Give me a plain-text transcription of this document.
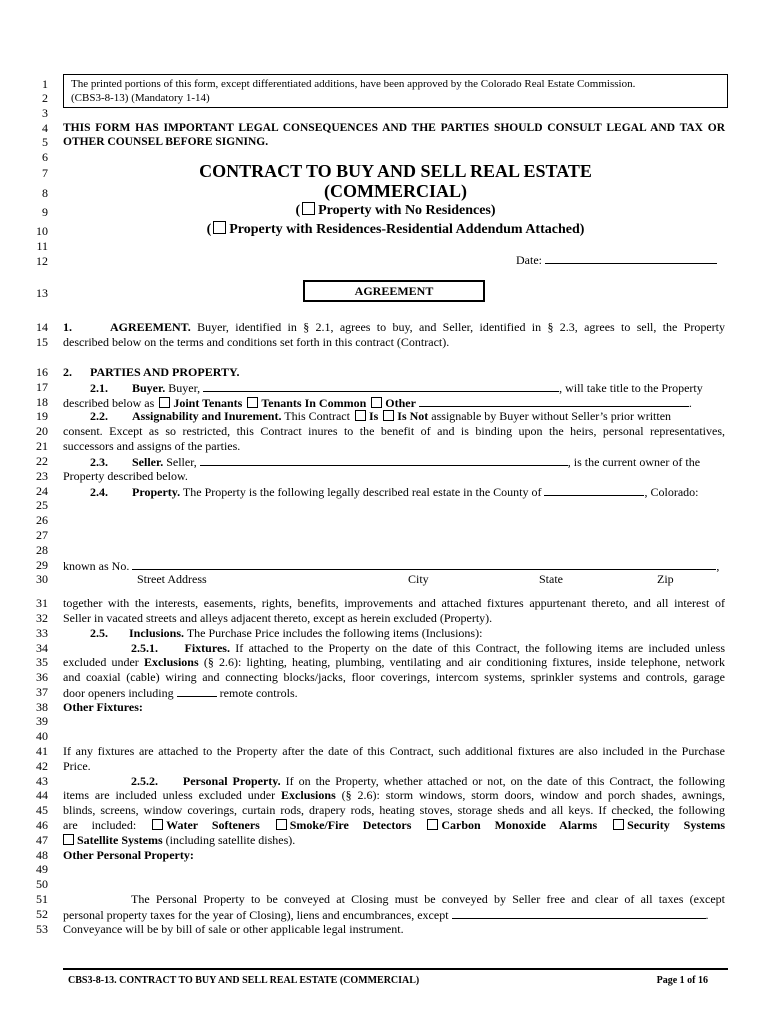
1
2
3
4
5
6
7
8
9
10
11
12
13
14
15
16
17
18
19
20
21
22
23
24
25
26
27
28
29
30
31
32
33
34
35
36
37
38
39
40
41
42
43
44
45
46
47
48
49
50
51
52
53
The printed portions of this form, except differentiated additions, have been approved by the Colorado Real Estate Commission.
(CBS3-8-13) (Mandatory 1-14)
THIS FORM HAS IMPORTANT LEGAL CONSEQUENCES AND THE PARTIES SHOULD CONSULT LEGAL AND TAX OR
OTHER COUNSEL BEFORE SIGNING.
CONTRACT TO BUY AND SELL REAL ESTATE
(COMMERCIAL)
( Property with No Residences)
( Property with Residences-Residential Addendum Attached)
Date:
AGREEMENT
1.	AGREEMENT. Buyer, identified in § 2.1, agrees to buy, and Seller, identified in § 2.3, agrees to sell, the Property
described below on the terms and conditions set forth in this contract (Contract).
2. PARTIES AND PROPERTY.
2.1. Buyer. Buyer,	, will take title to the Property
described below as Joint Tenants Tenants In Common Other	.
2.2. Assignability and Inurement. This Contract Is Is Not assignable by Buyer without Seller’s prior written
consent. Except as so restricted, this Contract inures to the benefit of and is binding upon the heirs, personal representatives,
successors and assigns of the parties.
2.3. Seller. Seller,	, is the current owner of the
Property described below.
2.4. Property. The Property is the following legally described real estate in the County of	, Colorado:
known as No.	,
Street Address	City	State	Zip
together with the interests, easements, rights, benefits, improvements and attached fixtures appurtenant thereto, and all interest of
Seller in vacated streets and alleys adjacent thereto, except as herein excluded (Property).
2.5. Inclusions. The Purchase Price includes the following items (Inclusions):
2.5.1. Fixtures. If attached to the Property on the date of this Contract, the following items are included unless
excluded under Exclusions (§ 2.6): lighting, heating, plumbing, ventilating and air conditioning fixtures, inside telephone, network
and coaxial (cable) wiring and connecting blocks/jacks, floor coverings, intercom systems, sprinkler systems and controls, garage
door openers including	remote controls.
Other Fixtures:
If any fixtures are attached to the Property after the date of this Contract, such additional fixtures are also included in the Purchase
Price.
2.5.2. Personal Property. If on the Property, whether attached or not, on the date of this Contract, the following
items are included unless excluded under Exclusions (§ 2.6): storm windows, storm doors, window and porch shades, awnings,
blinds, screens, window coverings, curtain rods, drapery rods, heating stoves, storage sheds and all keys. If checked, the following
are included: Water Softeners Smoke/Fire Detectors Carbon Monoxide Alarms Security Systems
Satellite Systems (including satellite dishes).
Other Personal Property:
The Personal Property to be conveyed at Closing must be conveyed by Seller free and clear of all taxes (except
personal property taxes for the year of Closing), liens and encumbrances, except	.
Conveyance will be by bill of sale or other applicable legal instrument.
CBS3-8-13. CONTRACT TO BUY AND SELL REAL ESTATE (COMMERCIAL)	Page 1 of 16
